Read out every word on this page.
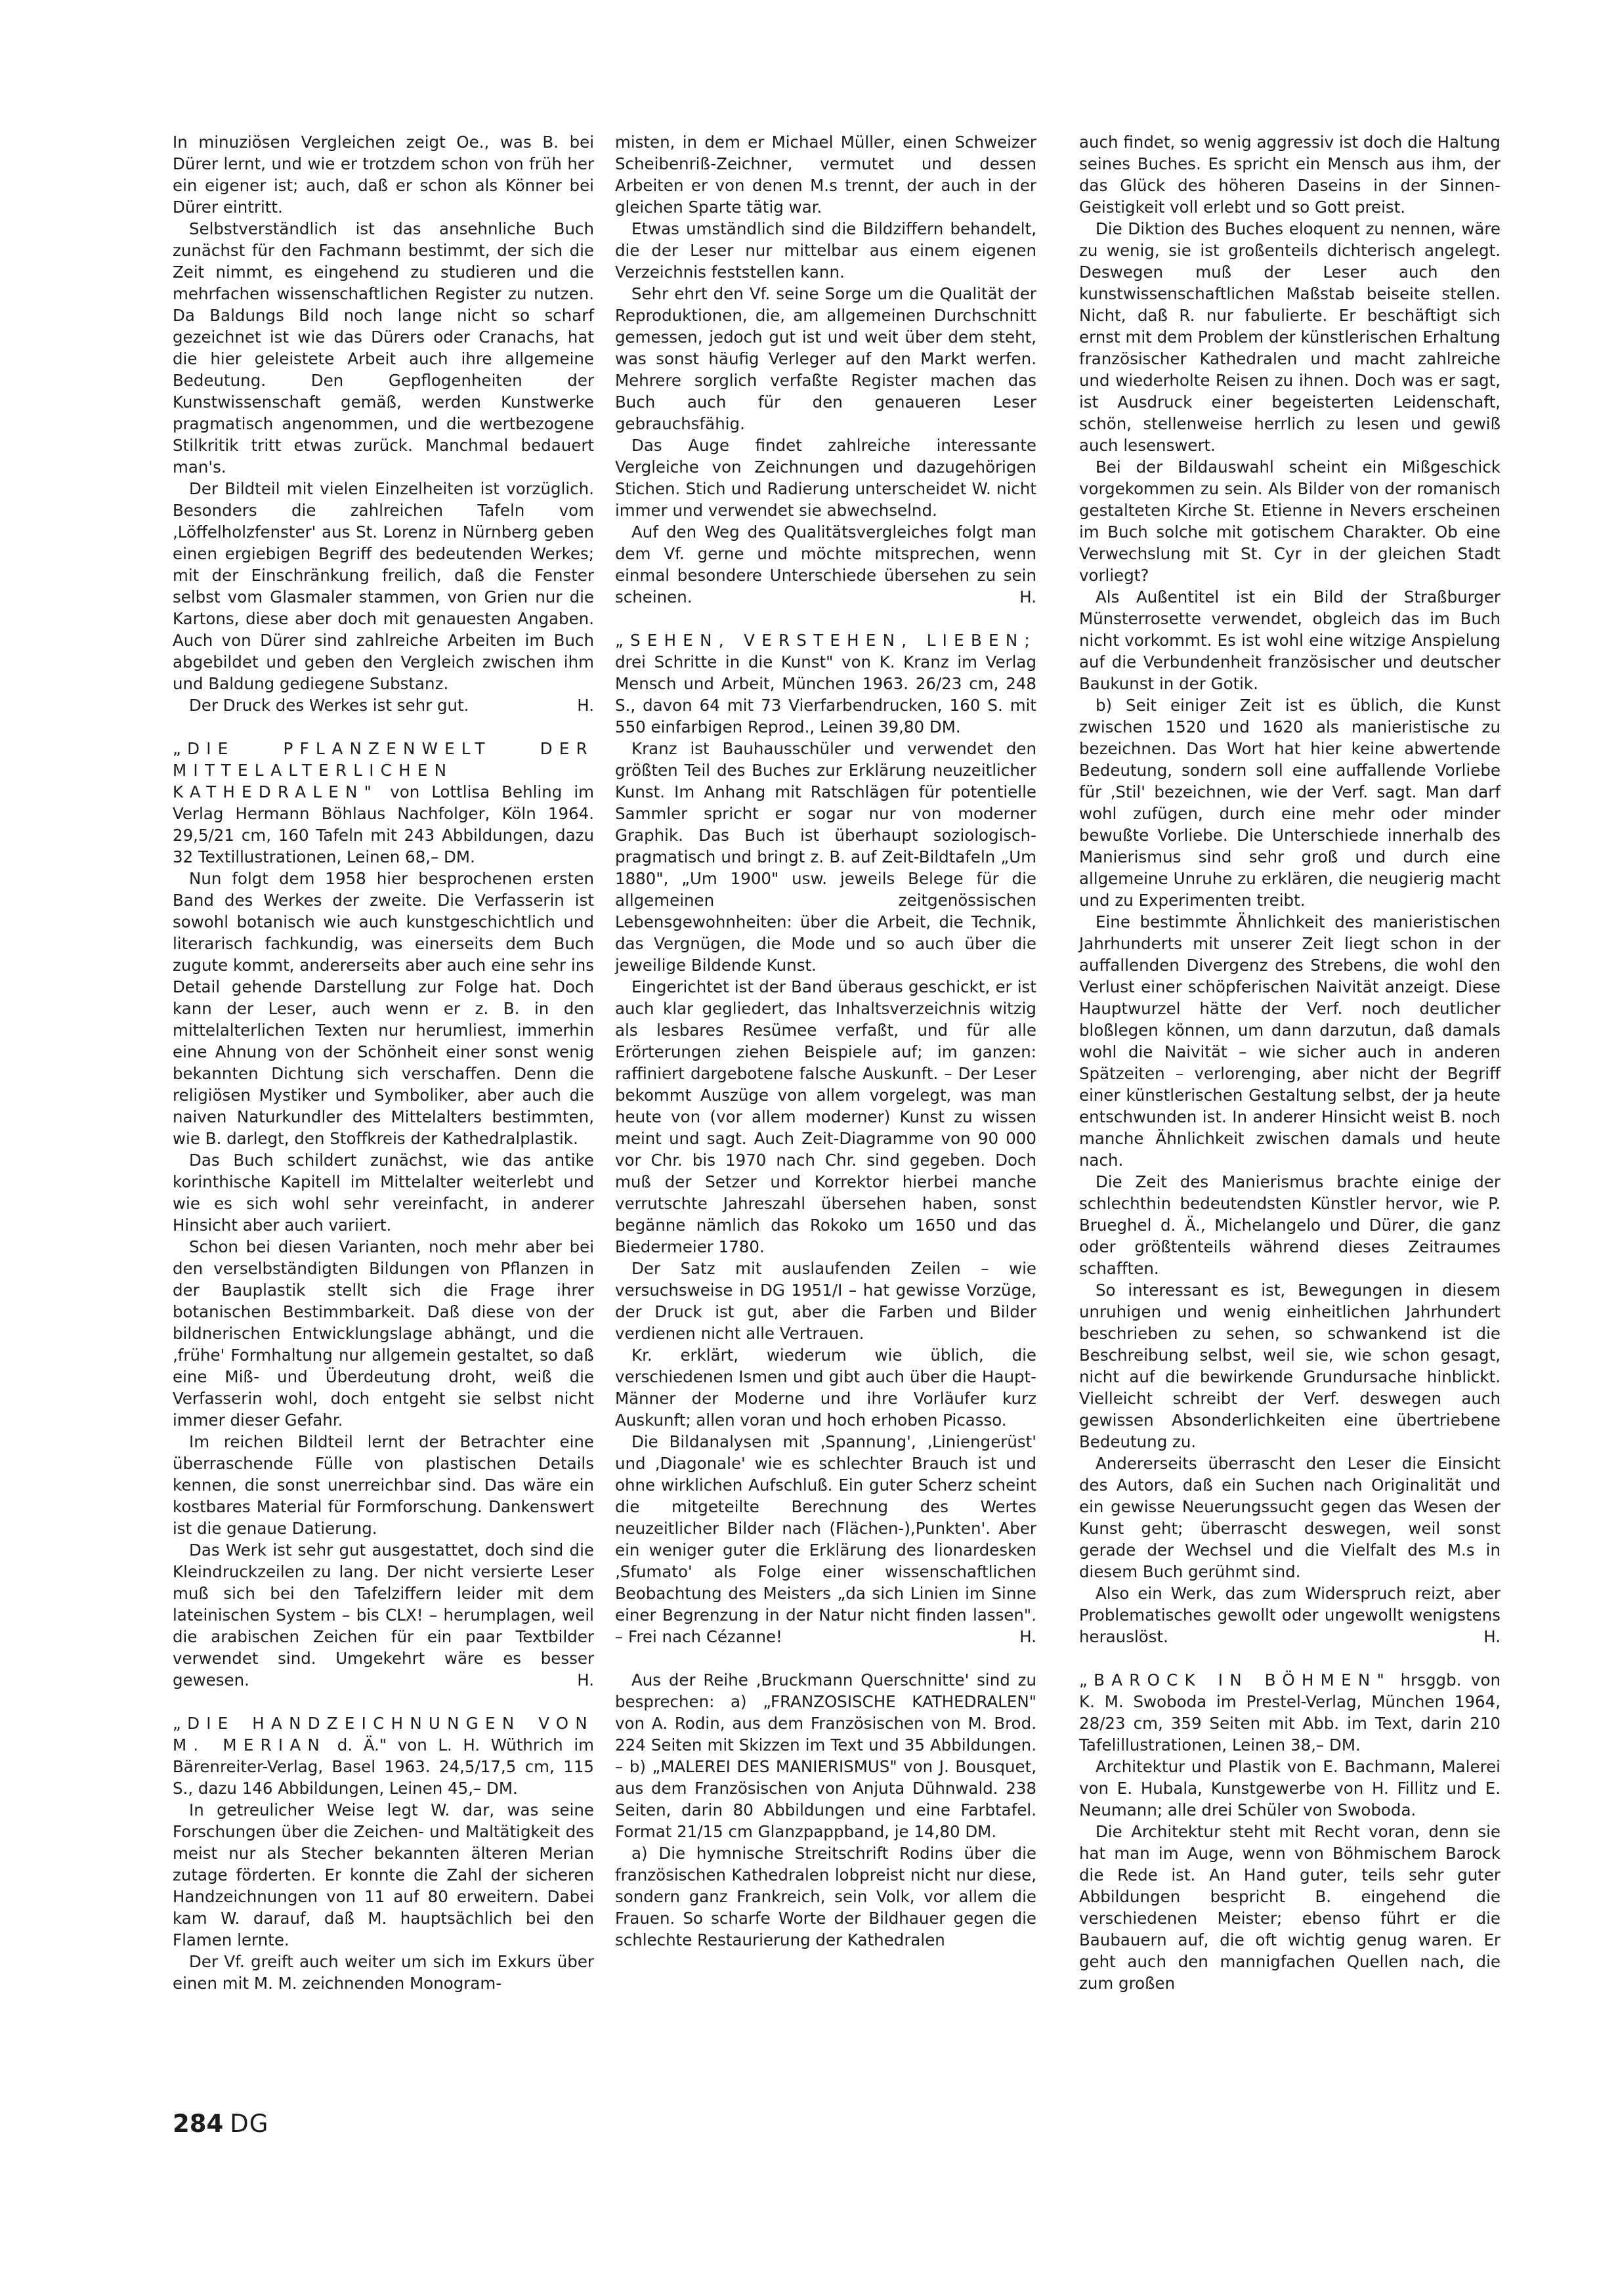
In minuziösen Vergleichen zeigt Oe., was B. bei Dürer lernt, und wie er trotzdem schon von früh her ein eigener ist; auch, daß er schon als Könner bei Dürer eintritt.

Selbstverständlich ist das ansehnliche Buch zunächst für den Fachmann bestimmt, der sich die Zeit nimmt, es eingehend zu studieren und die mehrfachen wissenschaftlichen Register zu nutzen. Da Baldungs Bild noch lange nicht so scharf gezeichnet ist wie das Dürers oder Cranachs, hat die hier geleistete Arbeit auch ihre allgemeine Bedeutung. Den Gepflogenheiten der Kunstwissenschaft gemäß, werden Kunstwerke pragmatisch angenommen, und die wertbezogene Stilkritik tritt etwas zurück. Manchmal bedauert man's.

Der Bildteil mit vielen Einzelheiten ist vorzüglich. Besonders die zahlreichen Tafeln vom ‚Löffelholzfenster' aus St. Lorenz in Nürnberg geben einen ergiebigen Begriff des bedeutenden Werkes; mit der Einschränkung freilich, daß die Fenster selbst vom Glasmaler stammen, von Grien nur die Kartons, diese aber doch mit genauesten Angaben. Auch von Dürer sind zahlreiche Arbeiten im Buch abgebildet und geben den Vergleich zwischen ihm und Baldung gediegene Substanz.

Der Druck des Werkes ist sehr gut.	H.

„DIE PFLANZENWELT DER MITTELALTERLICHEN KATHEDRALEN" von Lottlisa Behling im Verlag Hermann Böhlaus Nachfolger, Köln 1964. 29,5/21 cm, 160 Tafeln mit 243 Abbildungen, dazu 32 Textillustrationen, Leinen 68,– DM.

Nun folgt dem 1958 hier besprochenen ersten Band des Werkes der zweite. Die Verfasserin ist sowohl botanisch wie auch kunstgeschichtlich und literarisch fachkundig, was einerseits dem Buch zugute kommt, andererseits aber auch eine sehr ins Detail gehende Darstellung zur Folge hat. Doch kann der Leser, auch wenn er z. B. in den mittelalterlichen Texten nur herumliest, immerhin eine Ahnung von der Schönheit einer sonst wenig bekannten Dichtung sich verschaffen. Denn die religiösen Mystiker und Symboliker, aber auch die naiven Naturkundler des Mittelalters bestimmten, wie B. darlegt, den Stoffkreis der Kathedralplastik.

Das Buch schildert zunächst, wie das antike korinthische Kapitell im Mittelalter weiterlebt und wie es sich wohl sehr vereinfacht, in anderer Hinsicht aber auch variiert.

Schon bei diesen Varianten, noch mehr aber bei den verselbständigten Bildungen von Pflanzen in der Bauplastik stellt sich die Frage ihrer botanischen Bestimmbarkeit. Daß diese von der bildnerischen Entwicklungslage abhängt, und die ‚frühe' Formhaltung nur allgemein gestaltet, so daß eine Miß- und Überdeutung droht, weiß die Verfasserin wohl, doch entgeht sie selbst nicht immer dieser Gefahr.

Im reichen Bildteil lernt der Betrachter eine überraschende Fülle von plastischen Details kennen, die sonst unerreichbar sind. Das wäre ein kostbares Material für Formforschung. Dankenswert ist die genaue Datierung.

Das Werk ist sehr gut ausgestattet, doch sind die Kleindruckzeilen zu lang. Der nicht versierte Leser muß sich bei den Tafelziffern leider mit dem lateinischen System – bis CLX! – herumplagen, weil die arabischen Zeichen für ein paar Textbilder verwendet sind. Umgekehrt wäre es besser gewesen.	H.

„DIE HANDZEICHNUNGEN VON M. MERIAN d. Ä." von L. H. Wüthrich im Bärenreiter-Verlag, Basel 1963. 24,5/17,5 cm, 115 S., dazu 146 Abbildungen, Leinen 45,– DM.

In getreulicher Weise legt W. dar, was seine Forschungen über die Zeichen- und Maltätigkeit des meist nur als Stecher bekannten älteren Merian zutage förderten. Er konnte die Zahl der sicheren Handzeichnungen von 11 auf 80 erweitern. Dabei kam W. darauf, daß M. hauptsächlich bei den Flamen lernte.

Der Vf. greift auch weiter um sich im Exkurs über einen mit M. M. zeichnenden Monogram-

misten, in dem er Michael Müller, einen Schweizer Scheibenriß-Zeichner, vermutet und dessen Arbeiten er von denen M.s trennt, der auch in der gleichen Sparte tätig war.

Etwas umständlich sind die Bildziffern behandelt, die der Leser nur mittelbar aus einem eigenen Verzeichnis feststellen kann.

Sehr ehrt den Vf. seine Sorge um die Qualität der Reproduktionen, die, am allgemeinen Durchschnitt gemessen, jedoch gut ist und weit über dem steht, was sonst häufig Verleger auf den Markt werfen. Mehrere sorglich verfaßte Register machen das Buch auch für den genaueren Leser gebrauchsfähig.

Das Auge findet zahlreiche interessante Vergleiche von Zeichnungen und dazugehörigen Stichen. Stich und Radierung unterscheidet W. nicht immer und verwendet sie abwechselnd.

Auf den Weg des Qualitätsvergleiches folgt man dem Vf. gerne und möchte mitsprechen, wenn einmal besondere Unterschiede übersehen zu sein scheinen.	H.

„SEHEN, VERSTEHEN, LIEBEN; drei Schritte in die Kunst" von K. Kranz im Verlag Mensch und Arbeit, München 1963. 26/23 cm, 248 S., davon 64 mit 73 Vierfarbendrucken, 160 S. mit 550 einfarbigen Reprod., Leinen 39,80 DM.

Kranz ist Bauhausschüler und verwendet den größten Teil des Buches zur Erklärung neuzeitlicher Kunst. Im Anhang mit Ratschlägen für potentielle Sammler spricht er sogar nur von moderner Graphik. Das Buch ist überhaupt soziologisch-pragmatisch und bringt z. B. auf Zeit-Bildtafeln „Um 1880", „Um 1900" usw. jeweils Belege für die allgemeinen zeitgenössischen Lebensgewohnheiten: über die Arbeit, die Technik, das Vergnügen, die Mode und so auch über die jeweilige Bildende Kunst.

Eingerichtet ist der Band überaus geschickt, er ist auch klar gegliedert, das Inhaltsverzeichnis witzig als lesbares Resümee verfaßt, und für alle Erörterungen ziehen Beispiele auf; im ganzen: raffiniert dargebotene falsche Auskunft. – Der Leser bekommt Auszüge von allem vorgelegt, was man heute von (vor allem moderner) Kunst zu wissen meint und sagt. Auch Zeit-Diagramme von 90 000 vor Chr. bis 1970 nach Chr. sind gegeben. Doch muß der Setzer und Korrektor hierbei manche verrutschte Jahreszahl übersehen haben, sonst begänne nämlich das Rokoko um 1650 und das Biedermeier 1780.

Der Satz mit auslaufenden Zeilen – wie versuchsweise in DG 1951/I – hat gewisse Vorzüge, der Druck ist gut, aber die Farben und Bilder verdienen nicht alle Vertrauen.

Kr. erklärt, wiederum wie üblich, die verschiedenen Ismen und gibt auch über die Haupt-Männer der Moderne und ihre Vorläufer kurz Auskunft; allen voran und hoch erhoben Picasso.

Die Bildanalysen mit ‚Spannung', ‚Liniengerüst' und ‚Diagonale' wie es schlechter Brauch ist und ohne wirklichen Aufschluß. Ein guter Scherz scheint die mitgeteilte Berechnung des Wertes neuzeitlicher Bilder nach (Flächen-),Punkten'. Aber ein weniger guter die Erklärung des lionardesken ‚Sfumato' als Folge einer wissenschaftlichen Beobachtung des Meisters „da sich Linien im Sinne einer Begrenzung in der Natur nicht finden lassen". – Frei nach Cézanne!	H.

Aus der Reihe ‚Bruckmann Querschnitte' sind zu besprechen: a) „FRANZOSISCHE KATHEDRALEN" von A. Rodin, aus dem Französischen von M. Brod. 224 Seiten mit Skizzen im Text und 35 Abbildungen. – b) „MALEREI DES MANIERISMUS" von J. Bousquet, aus dem Französischen von Anjuta Dühnwald. 238 Seiten, darin 80 Abbildungen und eine Farbtafel. Format 21/15 cm Glanzpappband, je 14,80 DM.

a) Die hymnische Streitschrift Rodins über die französischen Kathedralen lobpreist nicht nur diese, sondern ganz Frankreich, sein Volk, vor allem die Frauen. So scharfe Worte der Bildhauer gegen die schlechte Restaurierung der Kathedralen

auch findet, so wenig aggressiv ist doch die Haltung seines Buches. Es spricht ein Mensch aus ihm, der das Glück des höheren Daseins in der Sinnen-Geistigkeit voll erlebt und so Gott preist.

Die Diktion des Buches eloquent zu nennen, wäre zu wenig, sie ist großenteils dichterisch angelegt. Deswegen muß der Leser auch den kunstwissenschaftlichen Maßstab beiseite stellen. Nicht, daß R. nur fabulierte. Er beschäftigt sich ernst mit dem Problem der künstlerischen Erhaltung französischer Kathedralen und macht zahlreiche und wiederholte Reisen zu ihnen. Doch was er sagt, ist Ausdruck einer begeisterten Leidenschaft, schön, stellenweise herrlich zu lesen und gewiß auch lesenswert.

Bei der Bildauswahl scheint ein Mißgeschick vorgekommen zu sein. Als Bilder von der romanisch gestalteten Kirche St. Etienne in Nevers erscheinen im Buch solche mit gotischem Charakter. Ob eine Verwechslung mit St. Cyr in der gleichen Stadt vorliegt?

Als Außentitel ist ein Bild der Straßburger Münsterrosette verwendet, obgleich das im Buch nicht vorkommt. Es ist wohl eine witzige Anspielung auf die Verbundenheit französischer und deutscher Baukunst in der Gotik.

b) Seit einiger Zeit ist es üblich, die Kunst zwischen 1520 und 1620 als manieristische zu bezeichnen. Das Wort hat hier keine abwertende Bedeutung, sondern soll eine auffallende Vorliebe für ‚Stil' bezeichnen, wie der Verf. sagt. Man darf wohl zufügen, durch eine mehr oder minder bewußte Vorliebe. Die Unterschiede innerhalb des Manierismus sind sehr groß und durch eine allgemeine Unruhe zu erklären, die neugierig macht und zu Experimenten treibt.

Eine bestimmte Ähnlichkeit des manieristischen Jahrhunderts mit unserer Zeit liegt schon in der auffallenden Divergenz des Strebens, die wohl den Verlust einer schöpferischen Naivität anzeigt. Diese Hauptwurzel hätte der Verf. noch deutlicher bloßlegen können, um dann darzutun, daß damals wohl die Naivität – wie sicher auch in anderen Spätzeiten – verlorenging, aber nicht der Begriff einer künstlerischen Gestaltung selbst, der ja heute entschwunden ist. In anderer Hinsicht weist B. noch manche Ähnlichkeit zwischen damals und heute nach.

Die Zeit des Manierismus brachte einige der schlechthin bedeutendsten Künstler hervor, wie P. Brueghel d. Ä., Michelangelo und Dürer, die ganz oder größtenteils während dieses Zeitraumes schafften.

So interessant es ist, Bewegungen in diesem unruhigen und wenig einheitlichen Jahrhundert beschrieben zu sehen, so schwankend ist die Beschreibung selbst, weil sie, wie schon gesagt, nicht auf die bewirkende Grundursache hinblickt. Vielleicht schreibt der Verf. deswegen auch gewissen Absonderlichkeiten eine übertriebene Bedeutung zu.

Andererseits überrascht den Leser die Einsicht des Autors, daß ein Suchen nach Originalität und ein gewisse Neuerungssucht gegen das Wesen der Kunst geht; überrascht deswegen, weil sonst gerade der Wechsel und die Vielfalt des M.s in diesem Buch gerühmt sind.

Also ein Werk, das zum Widerspruch reizt, aber Problematisches gewollt oder ungewollt wenigstens herauslöst.	H.

„BAROCK IN BÖHMEN" hrsggb. von K. M. Swoboda im Prestel-Verlag, München 1964, 28/23 cm, 359 Seiten mit Abb. im Text, darin 210 Tafelillustrationen, Leinen 38,– DM.

Architektur und Plastik von E. Bachmann, Malerei von E. Hubala, Kunstgewerbe von H. Fillitz und E. Neumann; alle drei Schüler von Swoboda.

Die Architektur steht mit Recht voran, denn sie hat man im Auge, wenn von Böhmischem Barock die Rede ist. An Hand guter, teils sehr guter Abbildungen bespricht B. eingehend die verschiedenen Meister; ebenso führt er die Baubauern auf, die oft wichtig genug waren. Er geht auch den mannigfachen Quellen nach, die zum großen

284 DG
